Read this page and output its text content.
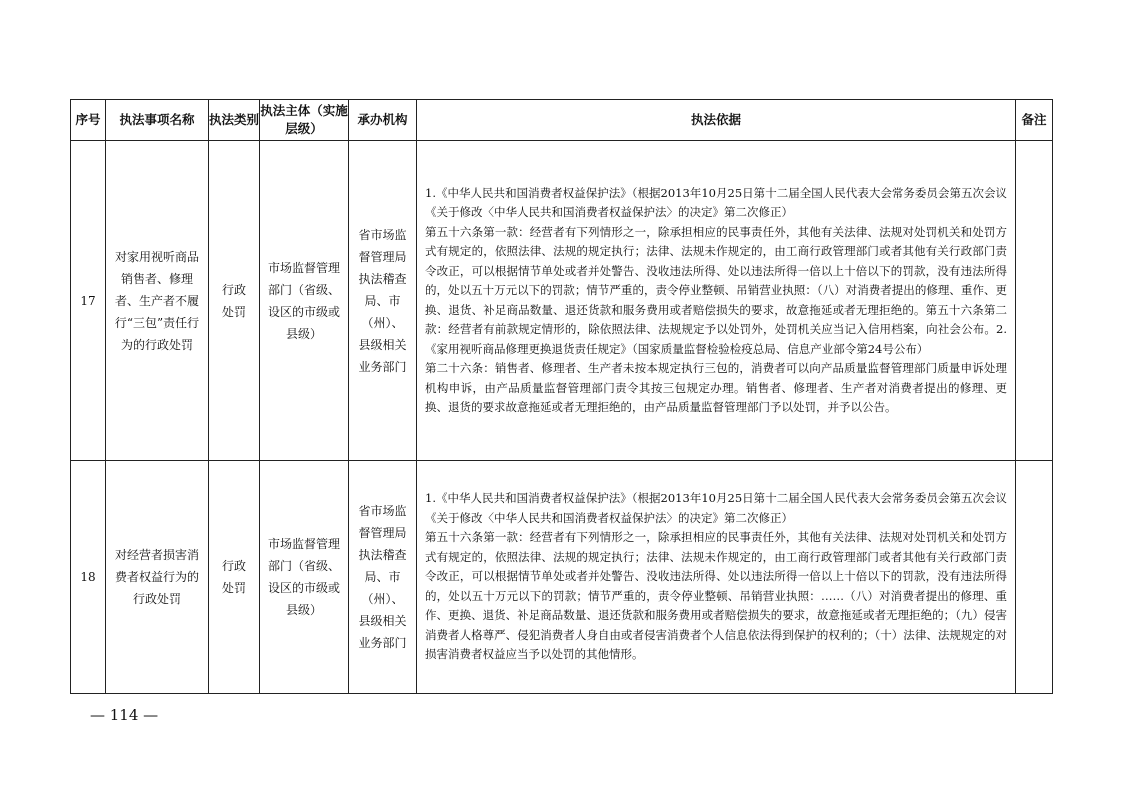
序号	执法事项名称	执法类别	执法主体（实施层级）	承办机构	执法依据	备注
17	对家用视听商品销售者、修理者、生产者不履行“三包”责任行为的行政处罚	行政处罚	市场监督管理部门（省级、设区的市级或县级）	省市场监督管理局执法稽查局、市（州）、县级相关业务部门	1.《中华人民共和国消费者权益保护法》（根据2013年10月25日第十二届全国人民代表大会常务委员会第五次会议《关于修改〈中华人民共和国消费者权益保护法〉的决定》第二次修正）

第五十六条第一款：经营者有下列情形之一，除承担相应的民事责任外，其他有关法律、法规对处罚机关和处罚方式有规定的，依照法律、法规的规定执行；法律、法规未作规定的，由工商行政管理部门或者其他有关行政部门责令改正，可以根据情节单处或者并处警告、没收违法所得、处以违法所得一倍以上十倍以下的罚款，没有违法所得的，处以五十万元以下的罚款；情节严重的，责令停业整顿、吊销营业执照：（八）对消费者提出的修理、重作、更换、退货、补足商品数量、退还货款和服务费用或者赔偿损失的要求，故意拖延或者无理拒绝的。第五十六条第二款：经营者有前款规定情形的，除依照法律、法规规定予以处罚外，处罚机关应当记入信用档案，向社会公布。2.《家用视听商品修理更换退货责任规定》（国家质量监督检验检疫总局、信息产业部令第24号公布）

第二十六条：销售者、修理者、生产者未按本规定执行三包的，消费者可以向产品质量监督管理部门质量申诉处理机构申诉，由产品质量监督管理部门责令其按三包规定办理。销售者、修理者、生产者对消费者提出的修理、更换、退货的要求故意拖延或者无理拒绝的，由产品质量监督管理部门予以处罚，并予以公告。	

18	对经营者损害消费者权益行为的行政处罚	行政处罚	市场监督管理部门（省级、设区的市级或县级）	省市场监督管理局执法稽查局、市（州）、县级相关业务部门	1.《中华人民共和国消费者权益保护法》（根据2013年10月25日第十二届全国人民代表大会常务委员会第五次会议《关于修改〈中华人民共和国消费者权益保护法〉的决定》第二次修正）

第五十六条第一款：经营者有下列情形之一，除承担相应的民事责任外，其他有关法律、法规对处罚机关和处罚方式有规定的，依照法律、法规的规定执行；法律、法规未作规定的，由工商行政管理部门或者其他有关行政部门责令改正，可以根据情节单处或者并处警告、没收违法所得、处以违法所得一倍以上十倍以下的罚款，没有违法所得的，处以五十万元以下的罚款；情节严重的，责令停业整顿、吊销营业执照：……（八）对消费者提出的修理、重作、更换、退货、补足商品数量、退还货款和服务费用或者赔偿损失的要求，故意拖延或者无理拒绝的；（九）侵害消费者人格尊严、侵犯消费者人身自由或者侵害消费者个人信息依法得到保护的权利的；（十）法律、法规规定的对损害消费者权益应当予以处罚的其他情形。	

— 114 —
